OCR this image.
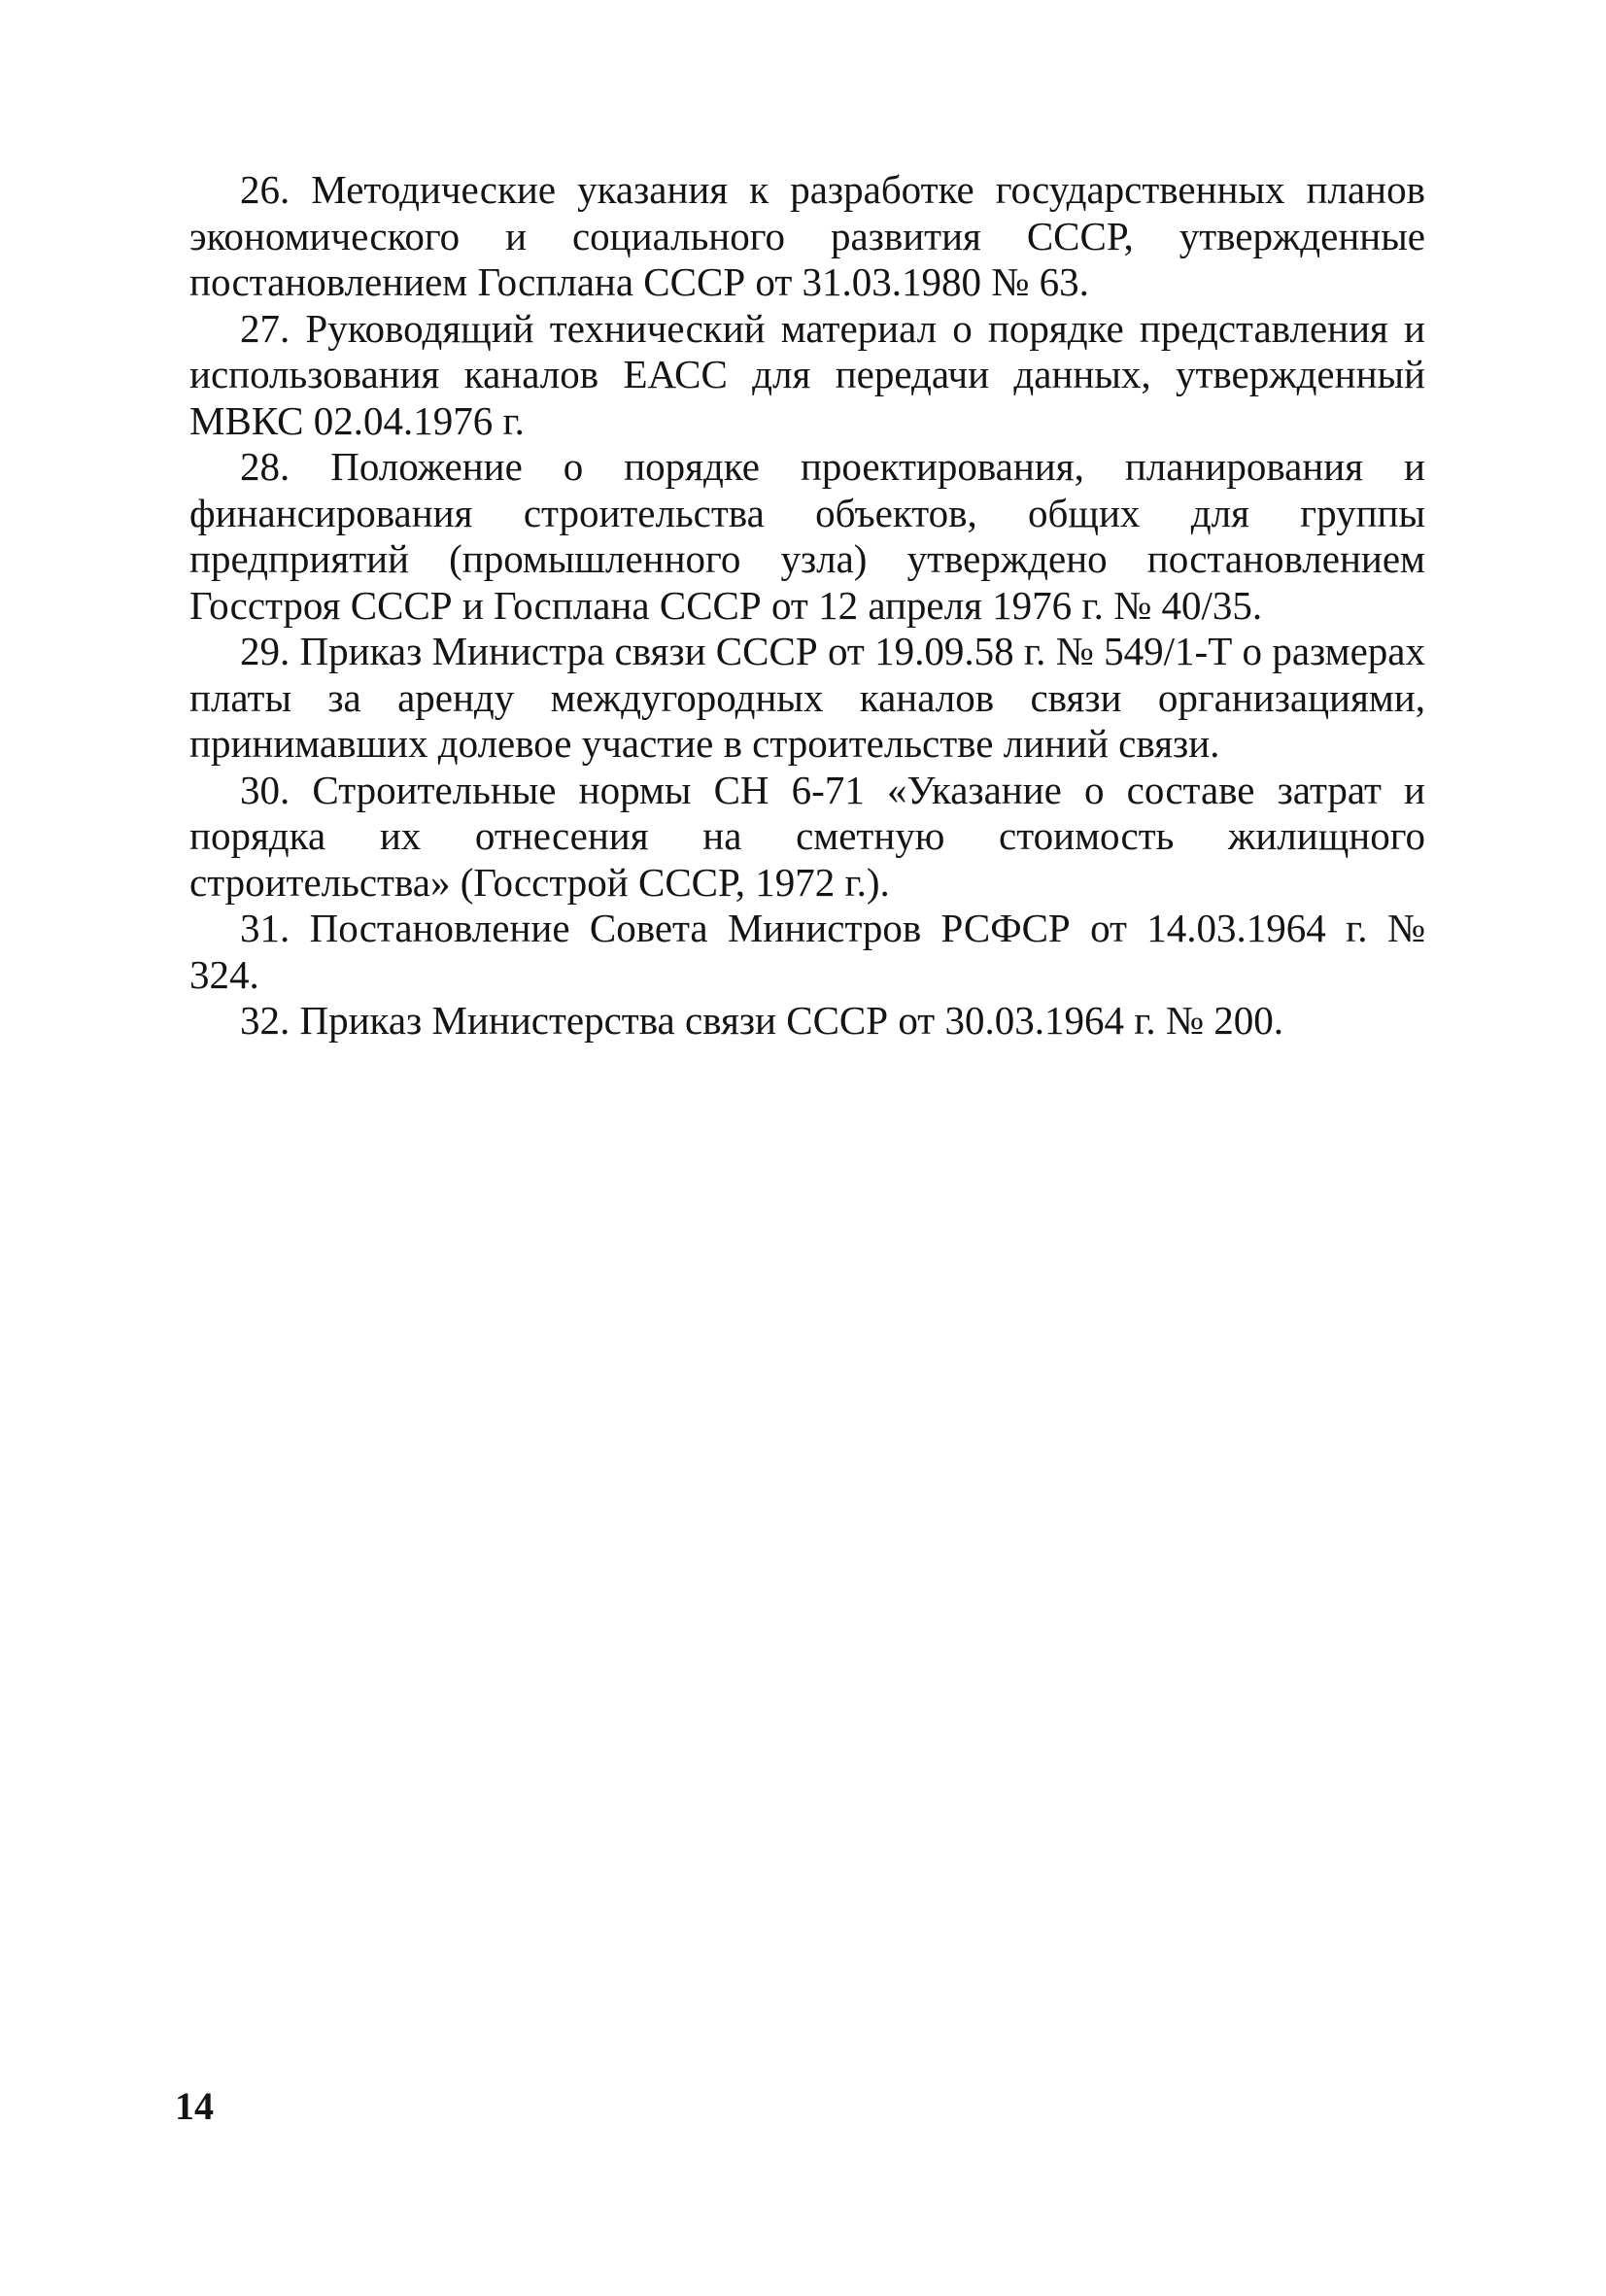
26. Методические указания к разработке государственных планов экономического и социального развития СССР, утвержденные постановлением Госплана СССР от 31.03.1980 № 63.

27. Руководящий технический материал о порядке представления и использования каналов ЕАСС для передачи данных, утвержденный МВКС 02.04.1976 г.

28. Положение о порядке проектирования, планирования и финансирования строительства объектов, общих для группы предприятий (промышленного узла) утверждено постановлением Госстроя СССР и Госплана СССР от 12 апреля 1976 г. № 40/35.

29. Приказ Министра связи СССР от 19.09.58 г. № 549/1-Т о размерах платы за аренду междугородных каналов связи организациями, принимавших долевое участие в строительстве линий связи.

30. Строительные нормы СН 6-71 «Указание о составе затрат и порядка их отнесения на сметную стоимость жилищного строительства» (Госстрой СССР, 1972 г.).

31. Постановление Совета Министров РСФСР от 14.03.1964 г. № 324.

32. Приказ Министерства связи СССР от 30.03.1964 г. № 200.

14
